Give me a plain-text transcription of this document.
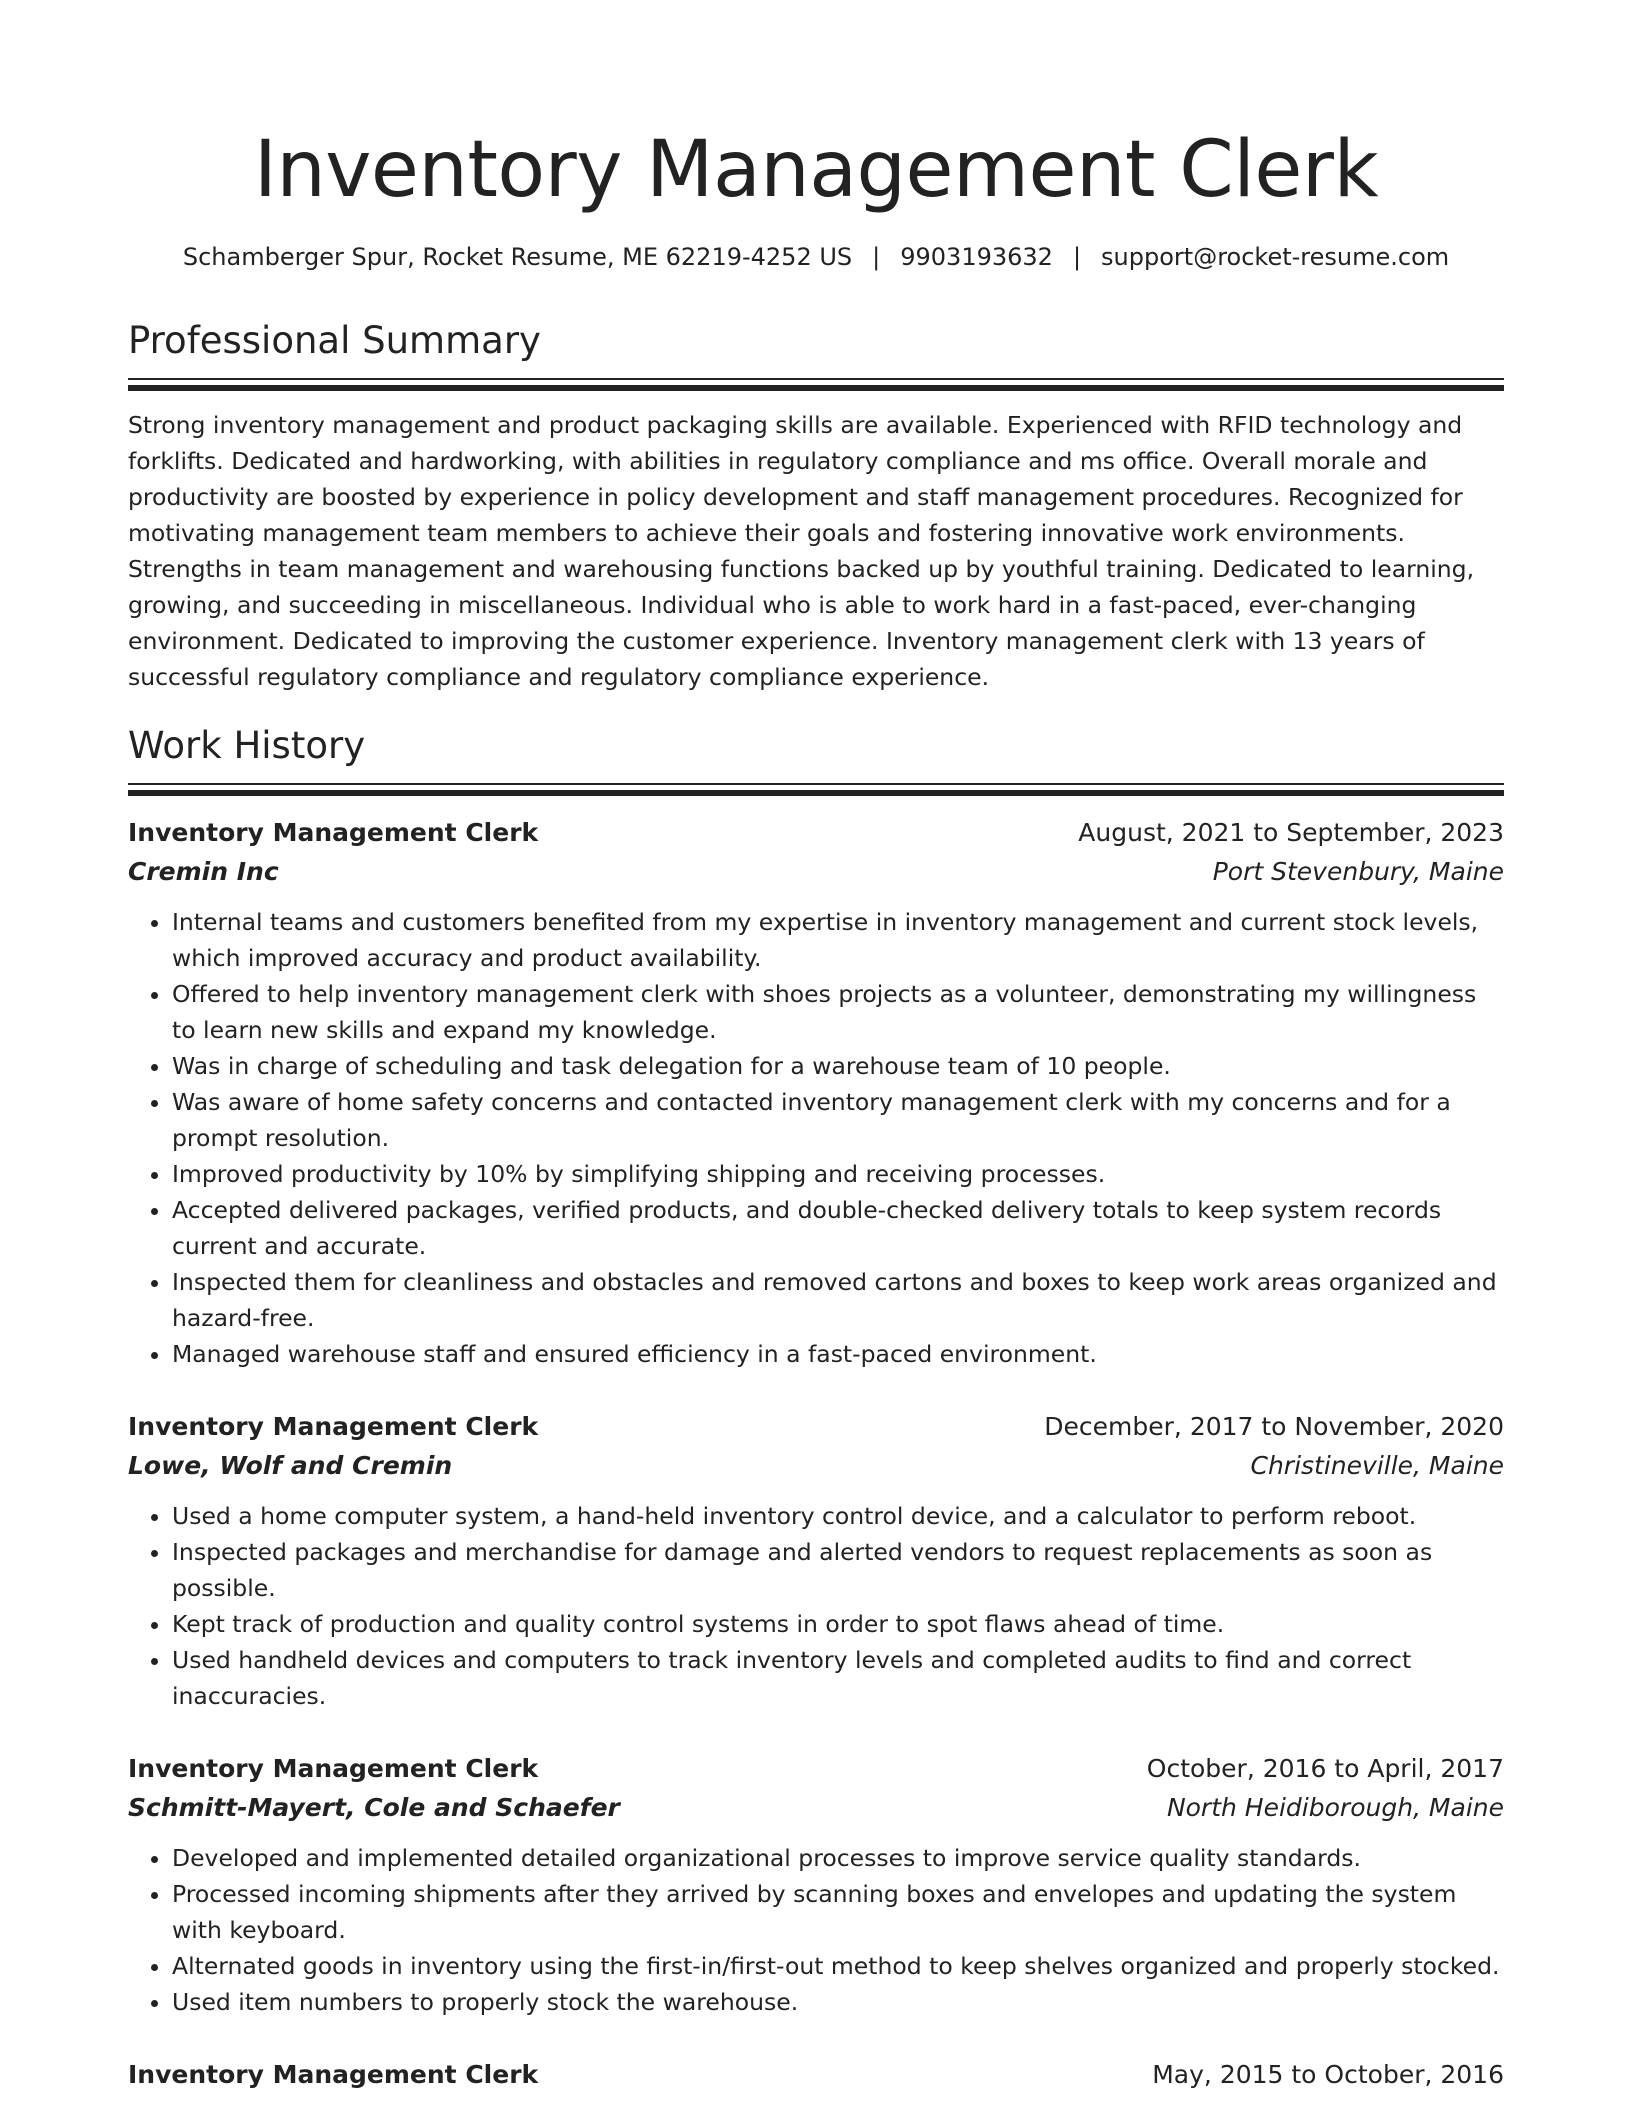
Inventory Management Clerk
Schamberger Spur, Rocket Resume, ME 62219-4252 US | 9903193632 | support@rocket-resume.com
Professional Summary

Strong inventory management and product packaging skills are available. Experienced with RFID technology and forklifts. Dedicated and hardworking, with abilities in regulatory compliance and ms office. Overall morale and productivity are boosted by experience in policy development and staff management procedures. Recognized for motivating management team members to achieve their goals and fostering innovative work environments. Strengths in team management and warehousing functions backed up by youthful training. Dedicated to learning, growing, and succeeding in miscellaneous. Individual who is able to work hard in a fast-paced, ever-changing environment. Dedicated to improving the customer experience. Inventory management clerk with 13 years of successful regulatory compliance and regulatory compliance experience.

Work History
Inventory Management Clerk	August, 2021 to September, 2023
Cremin Inc	Port Stevenbury, Maine
• Internal teams and customers benefited from my expertise in inventory management and current stock levels, which improved accuracy and product availability.
• Offered to help inventory management clerk with shoes projects as a volunteer, demonstrating my willingness to learn new skills and expand my knowledge.
• Was in charge of scheduling and task delegation for a warehouse team of 10 people.
• Was aware of home safety concerns and contacted inventory management clerk with my concerns and for a prompt resolution.
• Improved productivity by 10% by simplifying shipping and receiving processes.
• Accepted delivered packages, verified products, and double-checked delivery totals to keep system records current and accurate.
• Inspected them for cleanliness and obstacles and removed cartons and boxes to keep work areas organized and hazard-free.
• Managed warehouse staff and ensured efficiency in a fast-paced environment.
Inventory Management Clerk	December, 2017 to November, 2020
Lowe, Wolf and Cremin	Christineville, Maine
• Used a home computer system, a hand-held inventory control device, and a calculator to perform reboot.
• Inspected packages and merchandise for damage and alerted vendors to request replacements as soon as possible.
• Kept track of production and quality control systems in order to spot flaws ahead of time.
• Used handheld devices and computers to track inventory levels and completed audits to find and correct inaccuracies.
Inventory Management Clerk	October, 2016 to April, 2017
Schmitt-Mayert, Cole and Schaefer	North Heidiborough, Maine
• Developed and implemented detailed organizational processes to improve service quality standards.
• Processed incoming shipments after they arrived by scanning boxes and envelopes and updating the system with keyboard.
• Alternated goods in inventory using the first-in/first-out method to keep shelves organized and properly stocked.
• Used item numbers to properly stock the warehouse.
Inventory Management Clerk	May, 2015 to October, 2016
